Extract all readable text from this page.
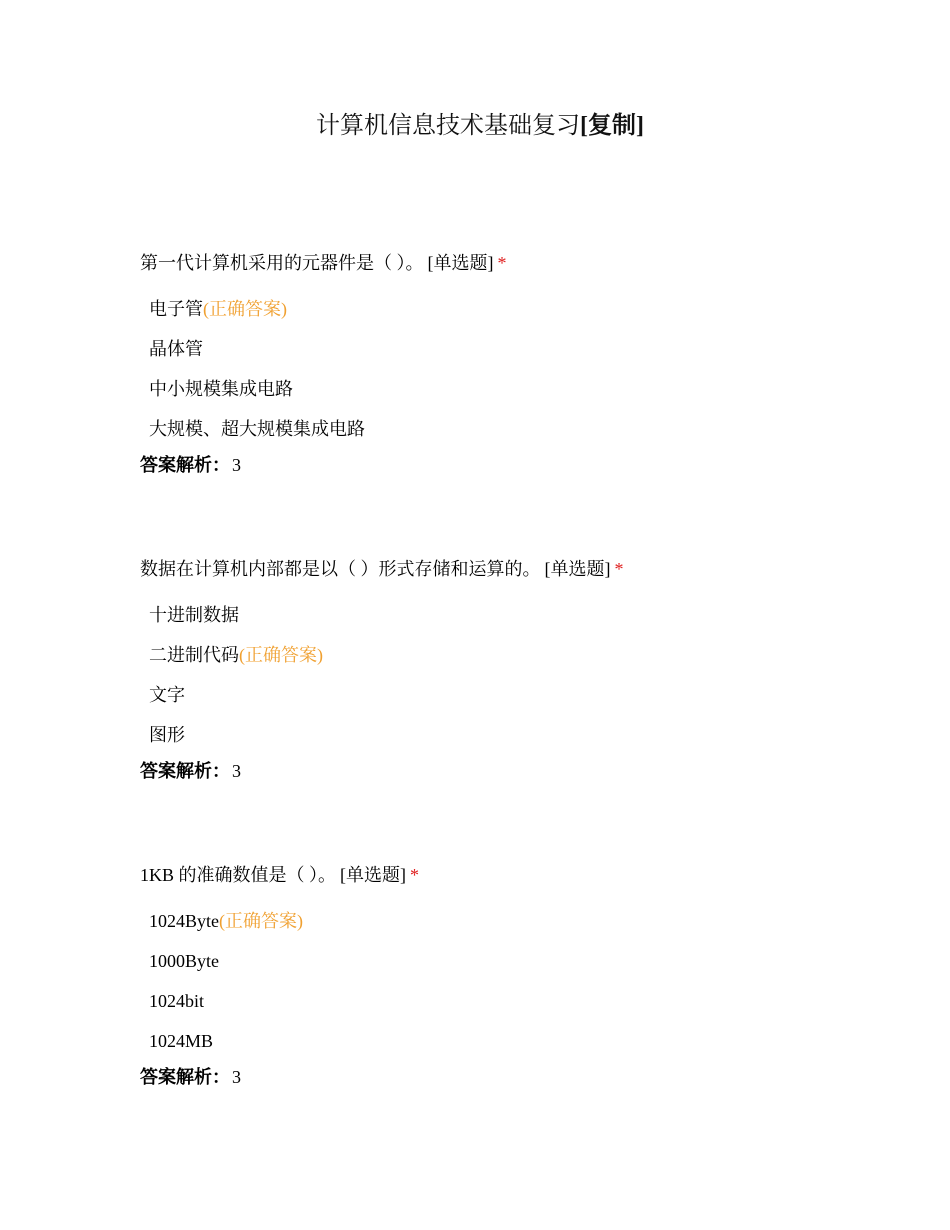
计算机信息技术基础复习[复制]
第一代计算机采用的元器件是（ ）。 [单选题] *
电子管(正确答案)
晶体管
中小规模集成电路
大规模、超大规模集成电路
答案解析： 3
数据在计算机内部都是以（ ）形式存储和运算的。 [单选题] *
十进制数据
二进制代码(正确答案)
文字
图形
答案解析： 3
1KB 的准确数值是（ ）。 [单选题] *
1024Byte(正确答案)
1000Byte
1024bit
1024MB
答案解析： 3
